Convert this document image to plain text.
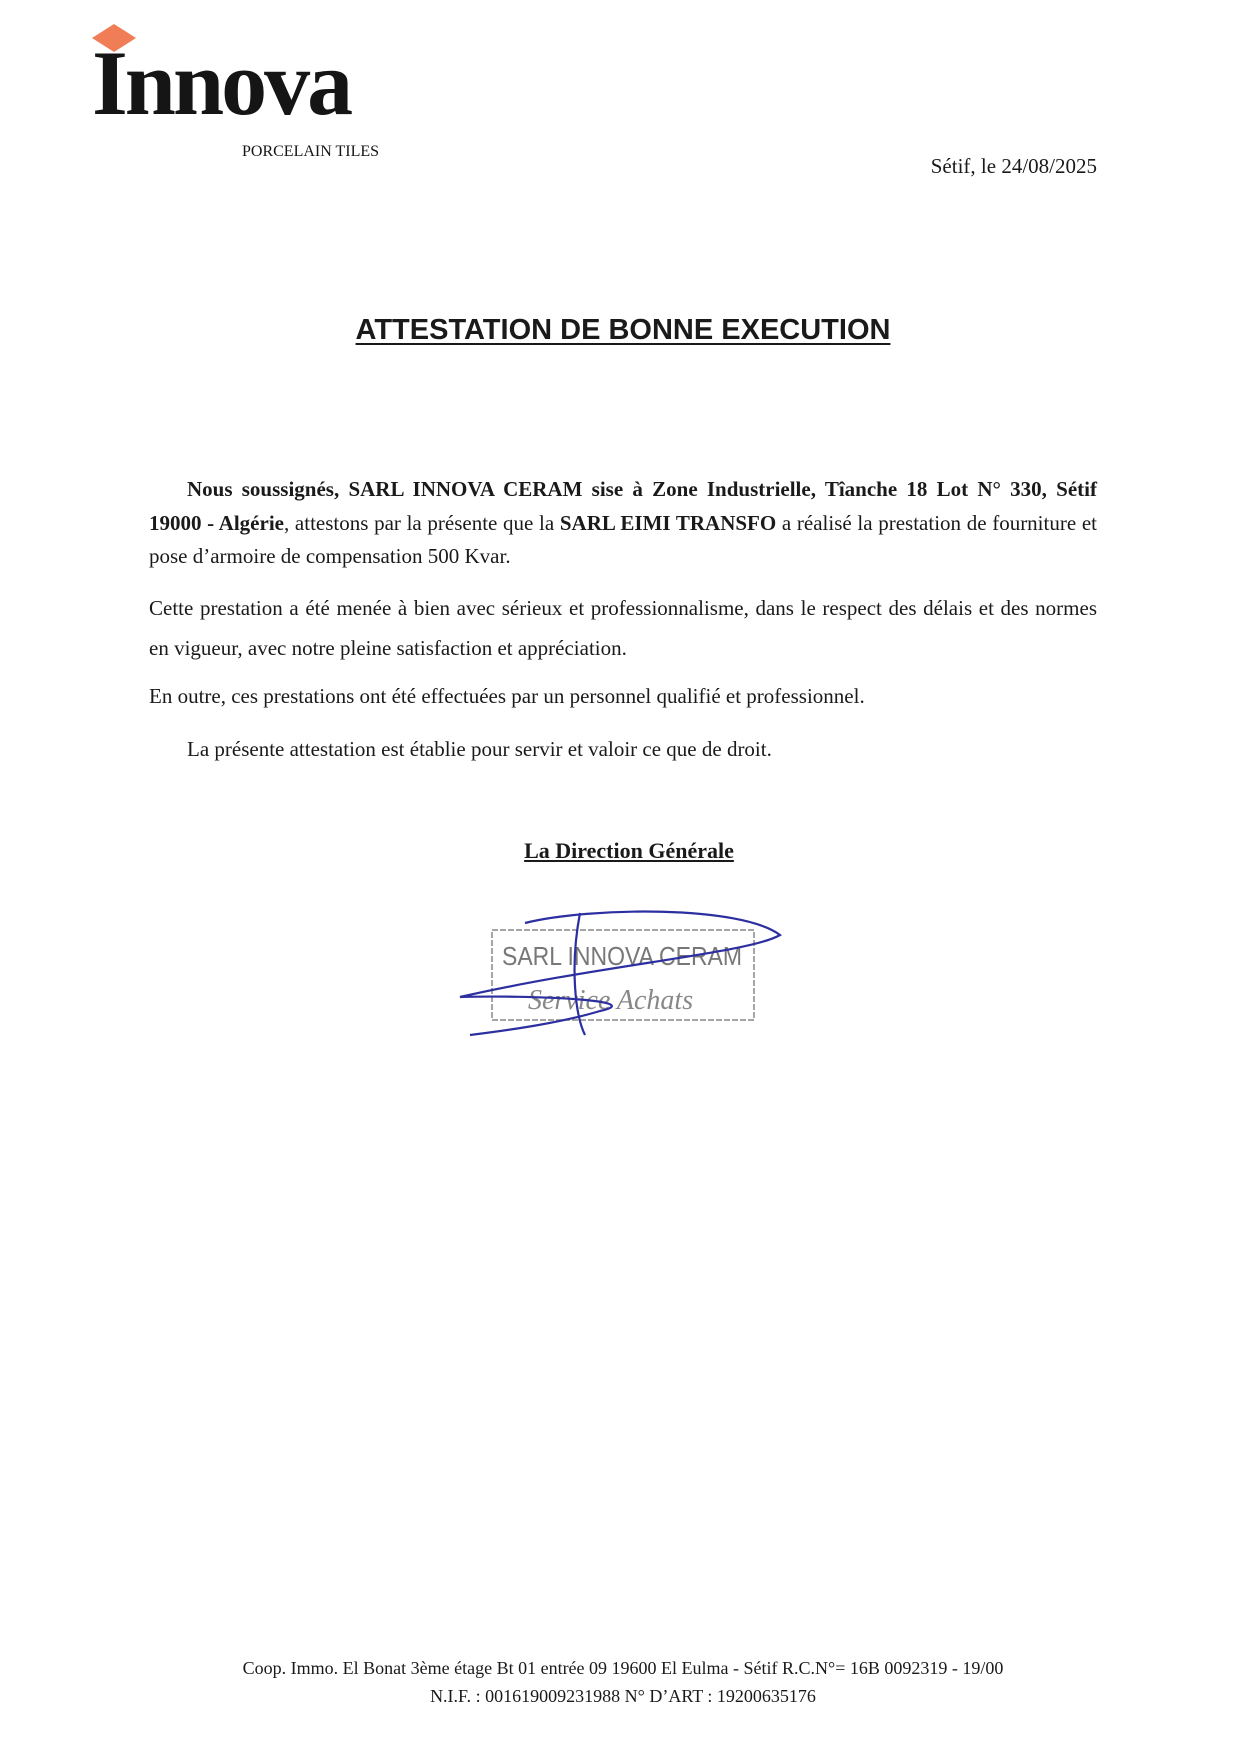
Innova
PORCELAIN TILES
Sétif, le 24/08/2025
ATTESTATION DE BONNE EXECUTION

Nous soussignés, SARL INNOVA CERAM sise à Zone Industrielle, Tîanche 18 Lot N° 330, Sétif 19000 - Algérie, attestons par la présente que la SARL EIMI TRANSFO a réalisé la prestation de fourniture et pose d’armoire de compensation 500 Kvar.

Cette prestation a été menée à bien avec sérieux et professionnalisme, dans le respect des délais et des normes en vigueur, avec notre pleine satisfaction et appréciation.

En outre, ces prestations ont été effectuées par un personnel qualifié et professionnel.

La présente attestation est établie pour servir et valoir ce que de droit.

La Direction Générale
SARL INNOVA CERAM
Service Achats
Coop. Immo. El Bonat 3ème étage Bt 01 entrée 09 19600 El Eulma - Sétif R.C.N°= 16B 0092319 - 19/00
N.I.F. : 001619009231988 N° D’ART : 19200635176
